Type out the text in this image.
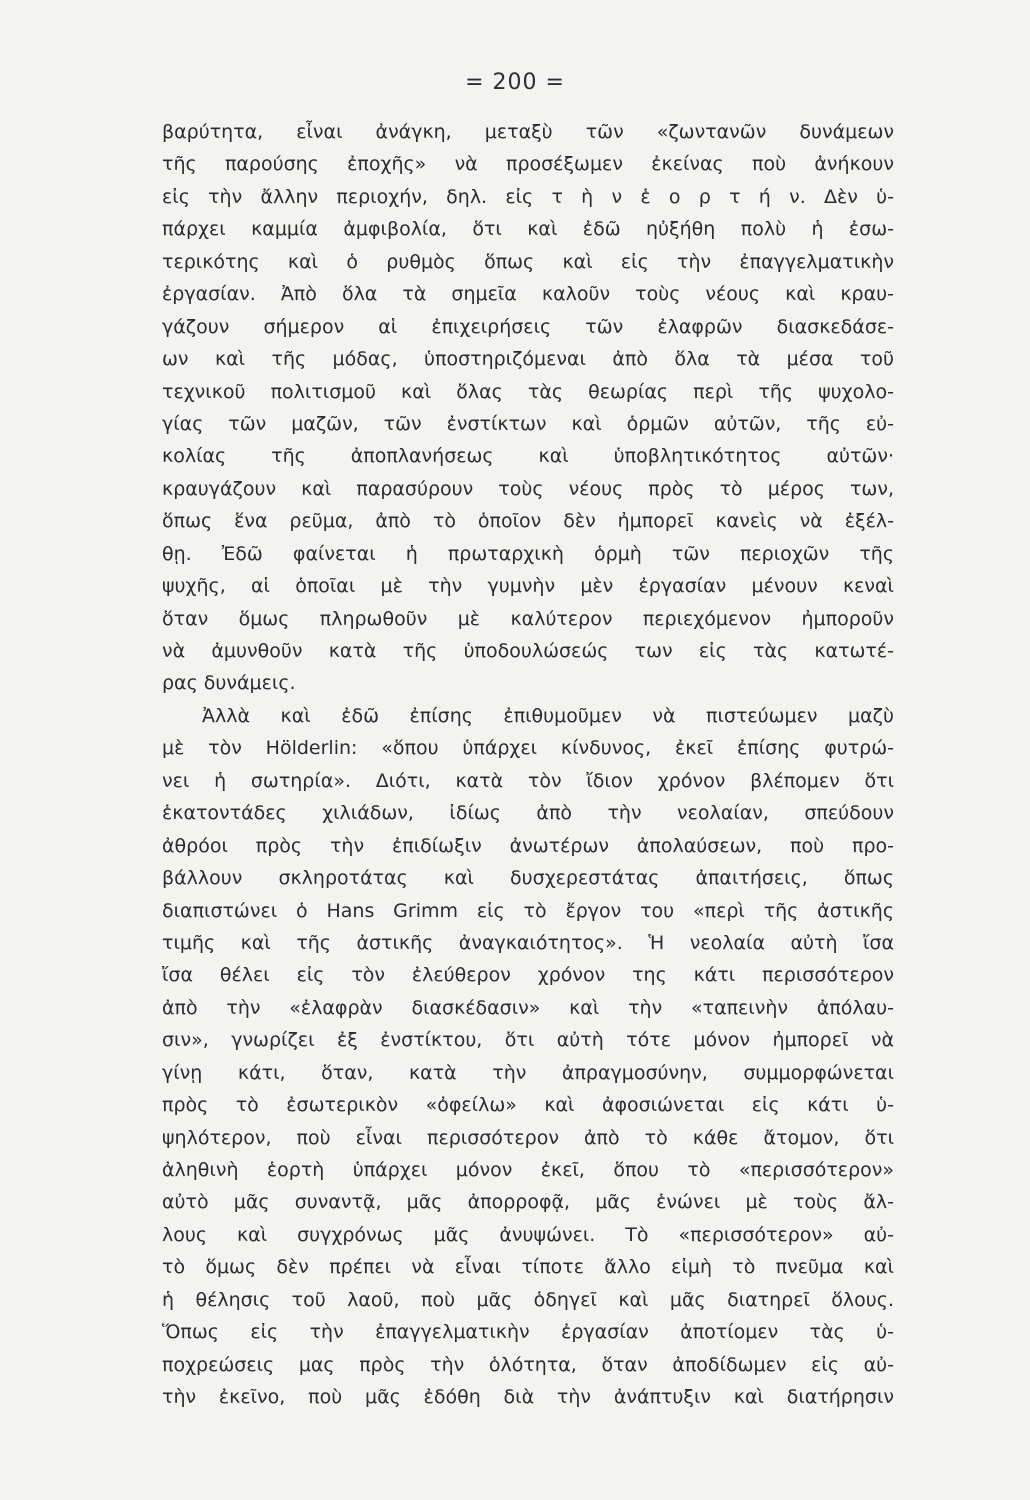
= 200 =
βαρύτητα, εἶναι ἀνάγκη, μεταξὺ τῶν «ζωντανῶν δυνάμεων
τῆς παρούσης ἐποχῆς» νὰ προσέξωμεν ἐκείνας ποὺ ἀνήκουν
εἰς τὴν ἄλλην περιοχήν, δηλ. εἰς τ ὴ ν ἑ ο ρ τ ή ν. Δὲν ὑ-
πάρχει καμμία ἀμφιβολία, ὅτι καὶ ἐδῶ ηὐξήθη πολὺ ἡ ἐσω-
τερικότης καὶ ὁ ρυθμὸς ὅπως καὶ εἰς τὴν ἐπαγγελματικὴν
ἐργασίαν. Ἀπὸ ὅλα τὰ σημεῖα καλοῦν τοὺς νέους καὶ κραυ-
γάζουν σήμερον αἱ ἐπιχειρήσεις τῶν ἐλαφρῶν διασκεδάσε-
ων καὶ τῆς μόδας, ὑποστηριζόμεναι ἀπὸ ὅλα τὰ μέσα τοῦ
τεχνικοῦ πολιτισμοῦ καὶ ὅλας τὰς θεωρίας περὶ τῆς ψυχολο-
γίας τῶν μαζῶν, τῶν ἐνστίκτων καὶ ὁρμῶν αὐτῶν, τῆς εὐ-
κολίας τῆς ἀποπλανήσεως καὶ ὑποβλητικότητος αὐτῶν·
κραυγάζουν καὶ παρασύρουν τοὺς νέους πρὸς τὸ μέρος των,
ὅπως ἕνα ρεῦμα, ἀπὸ τὸ ὁποῖον δὲν ἠμπορεῖ κανεὶς νὰ ἐξέλ-
θῃ. Ἐδῶ φαίνεται ἡ πρωταρχικὴ ὁρμὴ τῶν περιοχῶν τῆς
ψυχῆς, αἱ ὁποῖαι μὲ τὴν γυμνὴν μὲν ἐργασίαν μένουν κεναὶ
ὅταν ὅμως πληρωθοῦν μὲ καλύτερον περιεχόμενον ἠμποροῦν
νὰ ἀμυνθοῦν κατὰ τῆς ὑποδουλώσεώς των εἰς τὰς κατωτέ-
ρας δυνάμεις.
Ἀλλὰ καὶ ἐδῶ ἐπίσης ἐπιθυμοῦμεν νὰ πιστεύωμεν μαζὺ
μὲ τὸν Hölderlin: «ὅπου ὑπάρχει κίνδυνος, ἐκεῖ ἐπίσης φυτρώ-
νει ἡ σωτηρία». Διότι, κατὰ τὸν ἴδιον χρόνον βλέπομεν ὅτι
ἑκατοντάδες χιλιάδων, ἰδίως ἀπὸ τὴν νεολαίαν, σπεύδουν
ἀθρόοι πρὸς τὴν ἐπιδίωξιν ἀνωτέρων ἀπολαύσεων, ποὺ προ-
βάλλουν σκληροτάτας καὶ δυσχερεστάτας ἀπαιτήσεις, ὅπως
διαπιστώνει ὁ Hans Grimm εἰς τὸ ἔργον του «περὶ τῆς ἀστικῆς
τιμῆς καὶ τῆς ἀστικῆς ἀναγκαιότητος». Ἡ νεολαία αὐτὴ ἴσα
ἴσα θέλει εἰς τὸν ἐλεύθερον χρόνον της κάτι περισσότερον
ἀπὸ τὴν «ἐλαφρὰν διασκέδασιν» καὶ τὴν «ταπεινὴν ἀπόλαυ-
σιν», γνωρίζει ἐξ ἐνστίκτου, ὅτι αὐτὴ τότε μόνον ἠμπορεῖ νὰ
γίνῃ κάτι, ὅταν, κατὰ τὴν ἀπραγμοσύνην, συμμορφώνεται
πρὸς τὸ ἐσωτερικὸν «ὀφείλω» καὶ ἀφοσιώνεται εἰς κάτι ὑ-
ψηλότερον, ποὺ εἶναι περισσότερον ἀπὸ τὸ κάθε ἄτομον, ὅτι
ἀληθινὴ ἑορτὴ ὑπάρχει μόνον ἐκεῖ, ὅπου τὸ «περισσότερον»
αὐτὸ μᾶς συναντᾷ, μᾶς ἀπορροφᾷ, μᾶς ἑνώνει μὲ τοὺς ἄλ-
λους καὶ συγχρόνως μᾶς ἀνυψώνει. Τὸ «περισσότερον» αὐ-
τὸ ὅμως δὲν πρέπει νὰ εἶναι τίποτε ἄλλο εἰμὴ τὸ πνεῦμα καὶ
ἡ θέλησις τοῦ λαοῦ, ποὺ μᾶς ὁδηγεῖ καὶ μᾶς διατηρεῖ ὅλους.
Ὅπως εἰς τὴν ἐπαγγελματικὴν ἐργασίαν ἀποτίομεν τὰς ὑ-
ποχρεώσεις μας πρὸς τὴν ὁλότητα, ὅταν ἀποδίδωμεν εἰς αὐ-
τὴν ἐκεῖνο, ποὺ μᾶς ἐδόθη διὰ τὴν ἀνάπτυξιν καὶ διατήρησιν
